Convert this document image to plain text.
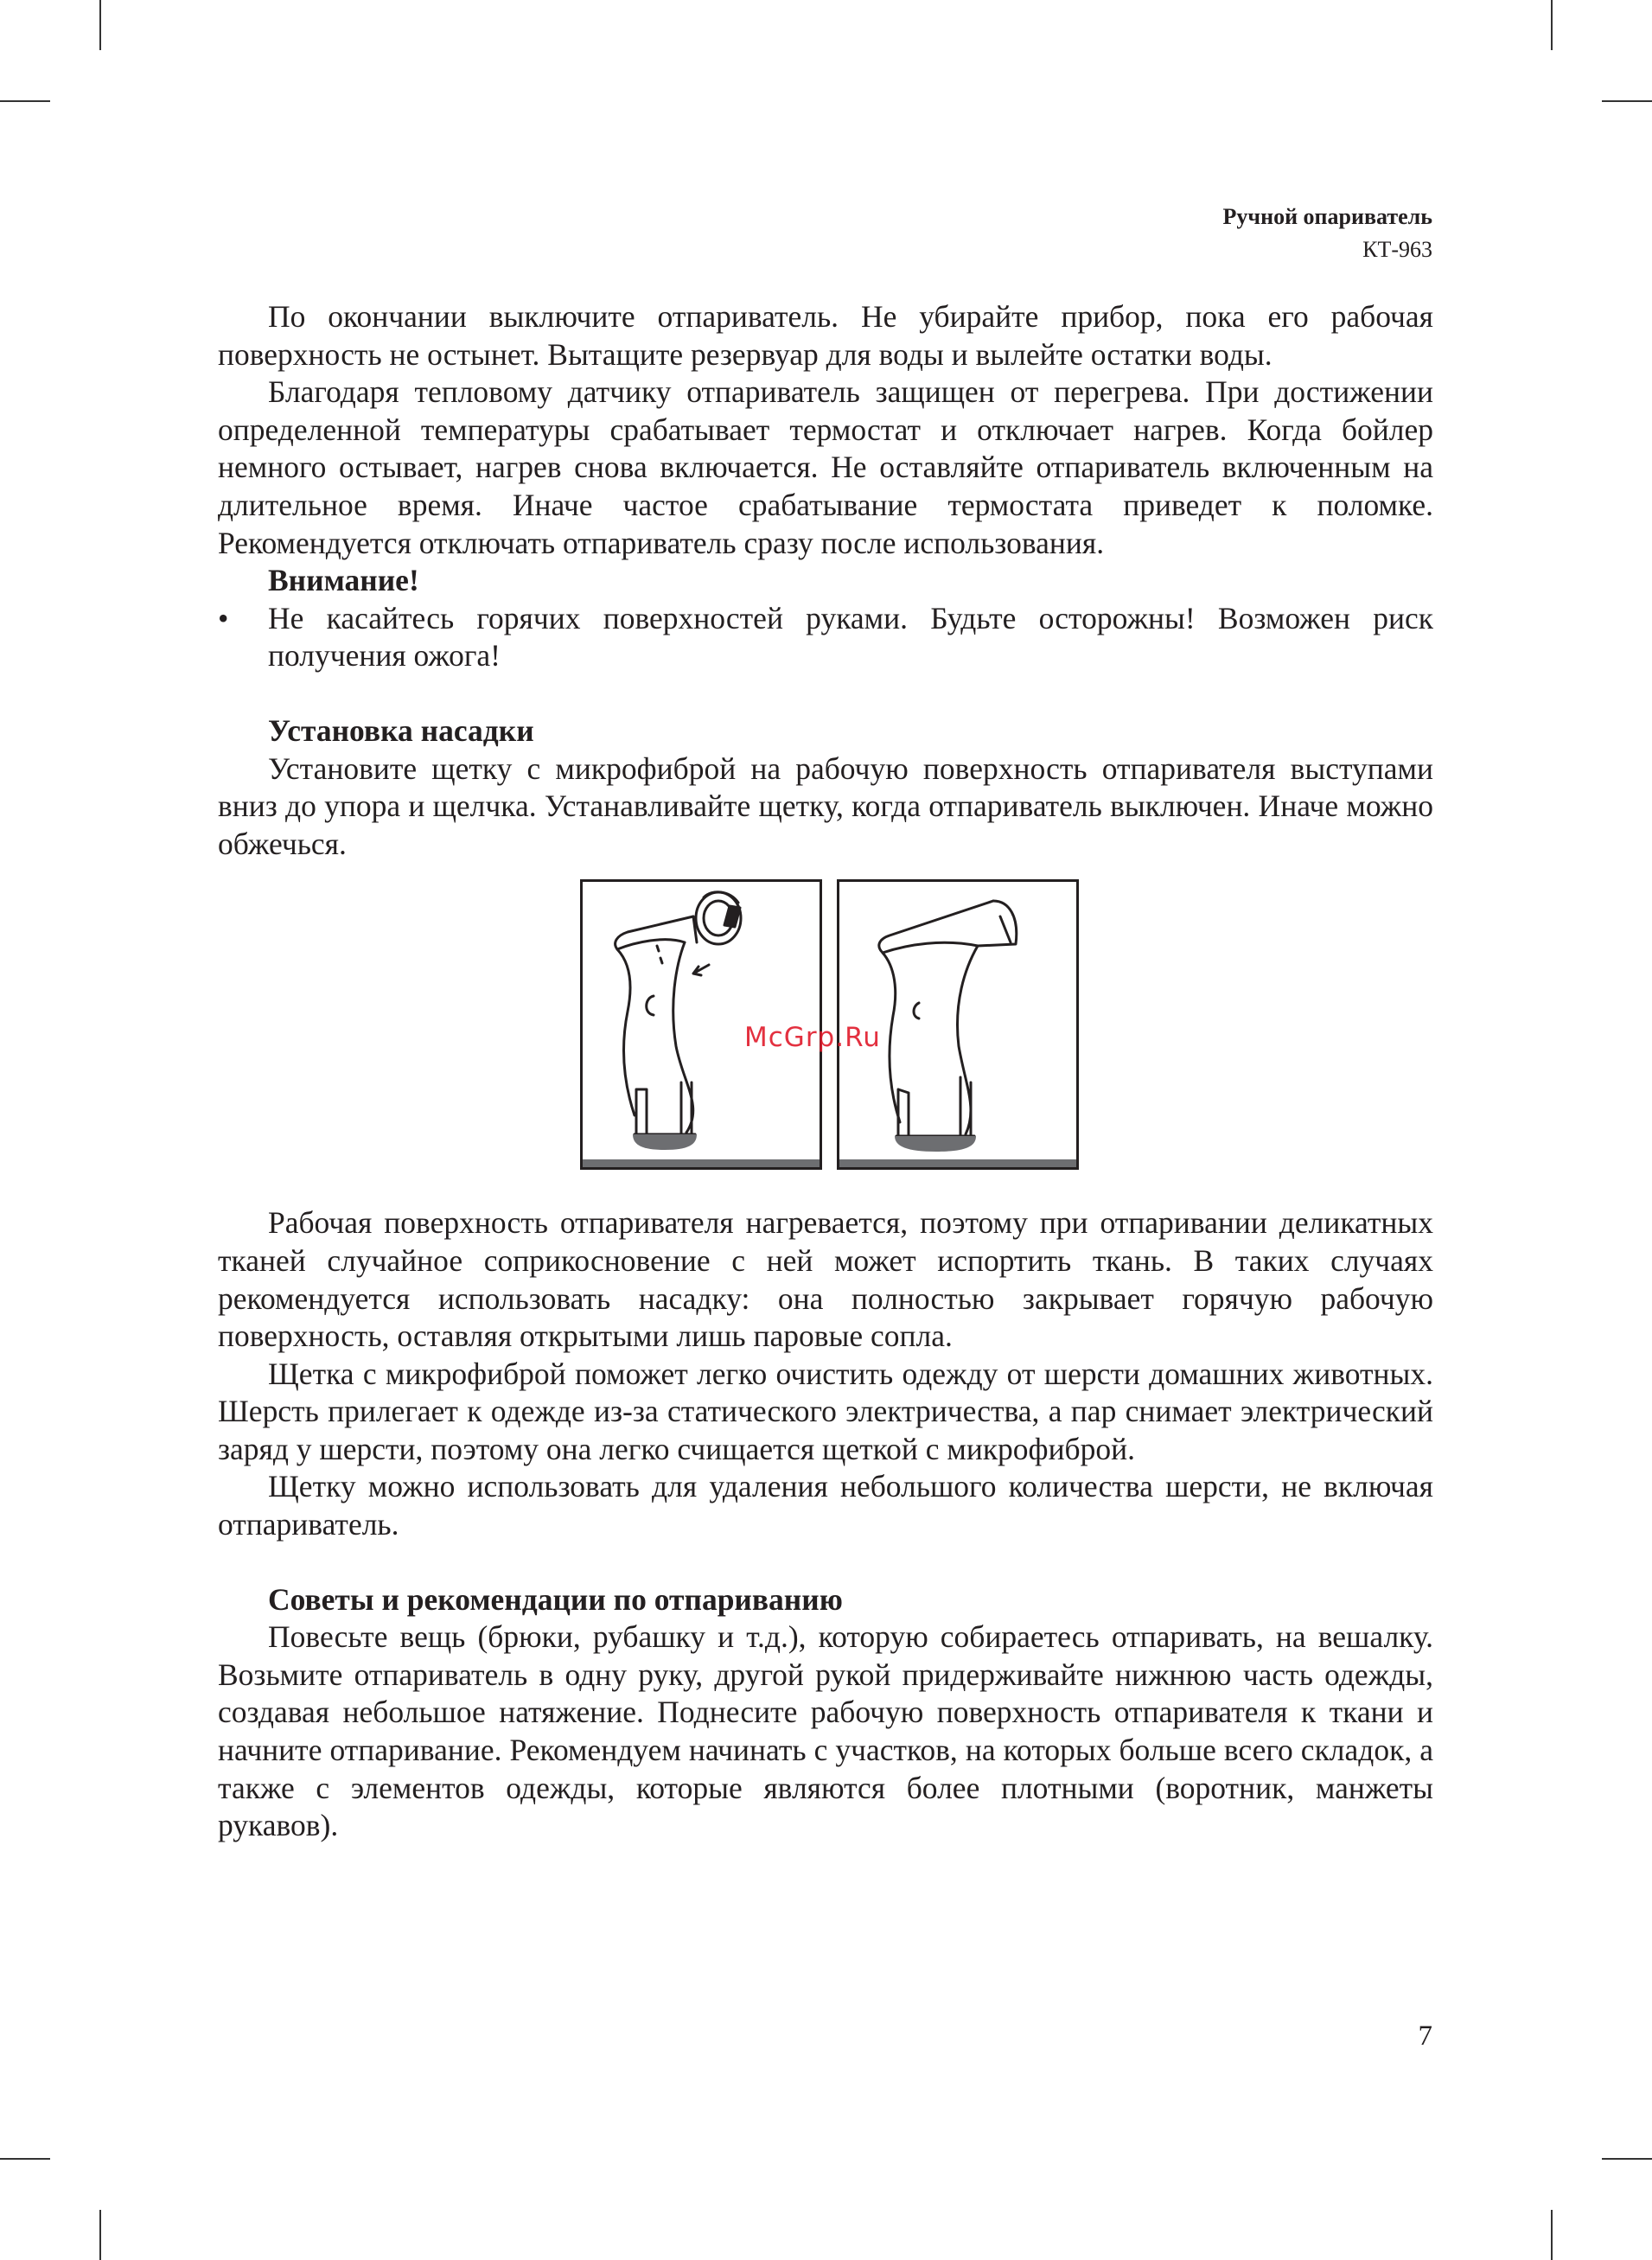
Ручной опариватель
КТ-963

По окончании выключите отпариватель. Не убирайте прибор, пока его рабочая поверхность не остынет. Вытащите резервуар для воды и вылейте остатки воды.

Благодаря тепловому датчику отпариватель защищен от перегрева. При достижении определенной температуры срабатывает термостат и отключает нагрев. Когда бойлер немного остывает, нагрев снова включается. Не оставляйте отпариватель включенным на длительное время. Иначе частое срабатывание термостата приведет к поломке. Рекомендуется отключать отпариватель сразу после использования.

Внимание!

• Не касайтесь горячих поверхностей руками. Будьте осторожны! Возможен риск получения ожога!

Установка насадки

Установите щетку с микрофиброй на рабочую поверхность отпаривателя выступами вниз до упора и щелчка. Устанавливайте щетку, когда отпариватель выключен. Иначе можно обжечься.

McGrp.Ru

Рабочая поверхность отпаривателя нагревается, поэтому при отпаривании деликатных тканей случайное соприкосновение с ней может испортить ткань. В таких случаях рекомендуется использовать насадку: она полностью закрывает горячую рабочую поверхность, оставляя открытыми лишь паровые сопла.

Щетка с микрофиброй поможет легко очистить одежду от шерсти домашних животных. Шерсть прилегает к одежде из-за статического электричества, а пар снимает электрический заряд у шерсти, поэтому она легко счищается щеткой с микрофиброй.

Щетку можно использовать для удаления небольшого количества шерсти, не включая отпариватель.

Советы и рекомендации по отпариванию

Повесьте вещь (брюки, рубашку и т.д.), которую собираетесь отпаривать, на вешалку. Возьмите отпариватель в одну руку, другой рукой придерживайте нижнюю часть одежды, создавая небольшое натяжение. Поднесите рабочую поверхность отпаривателя к ткани и начните отпаривание. Рекомендуем начинать с участков, на которых больше всего складок, а также с элементов одежды, которые являются более плотными (воротник, манжеты рукавов).

7
